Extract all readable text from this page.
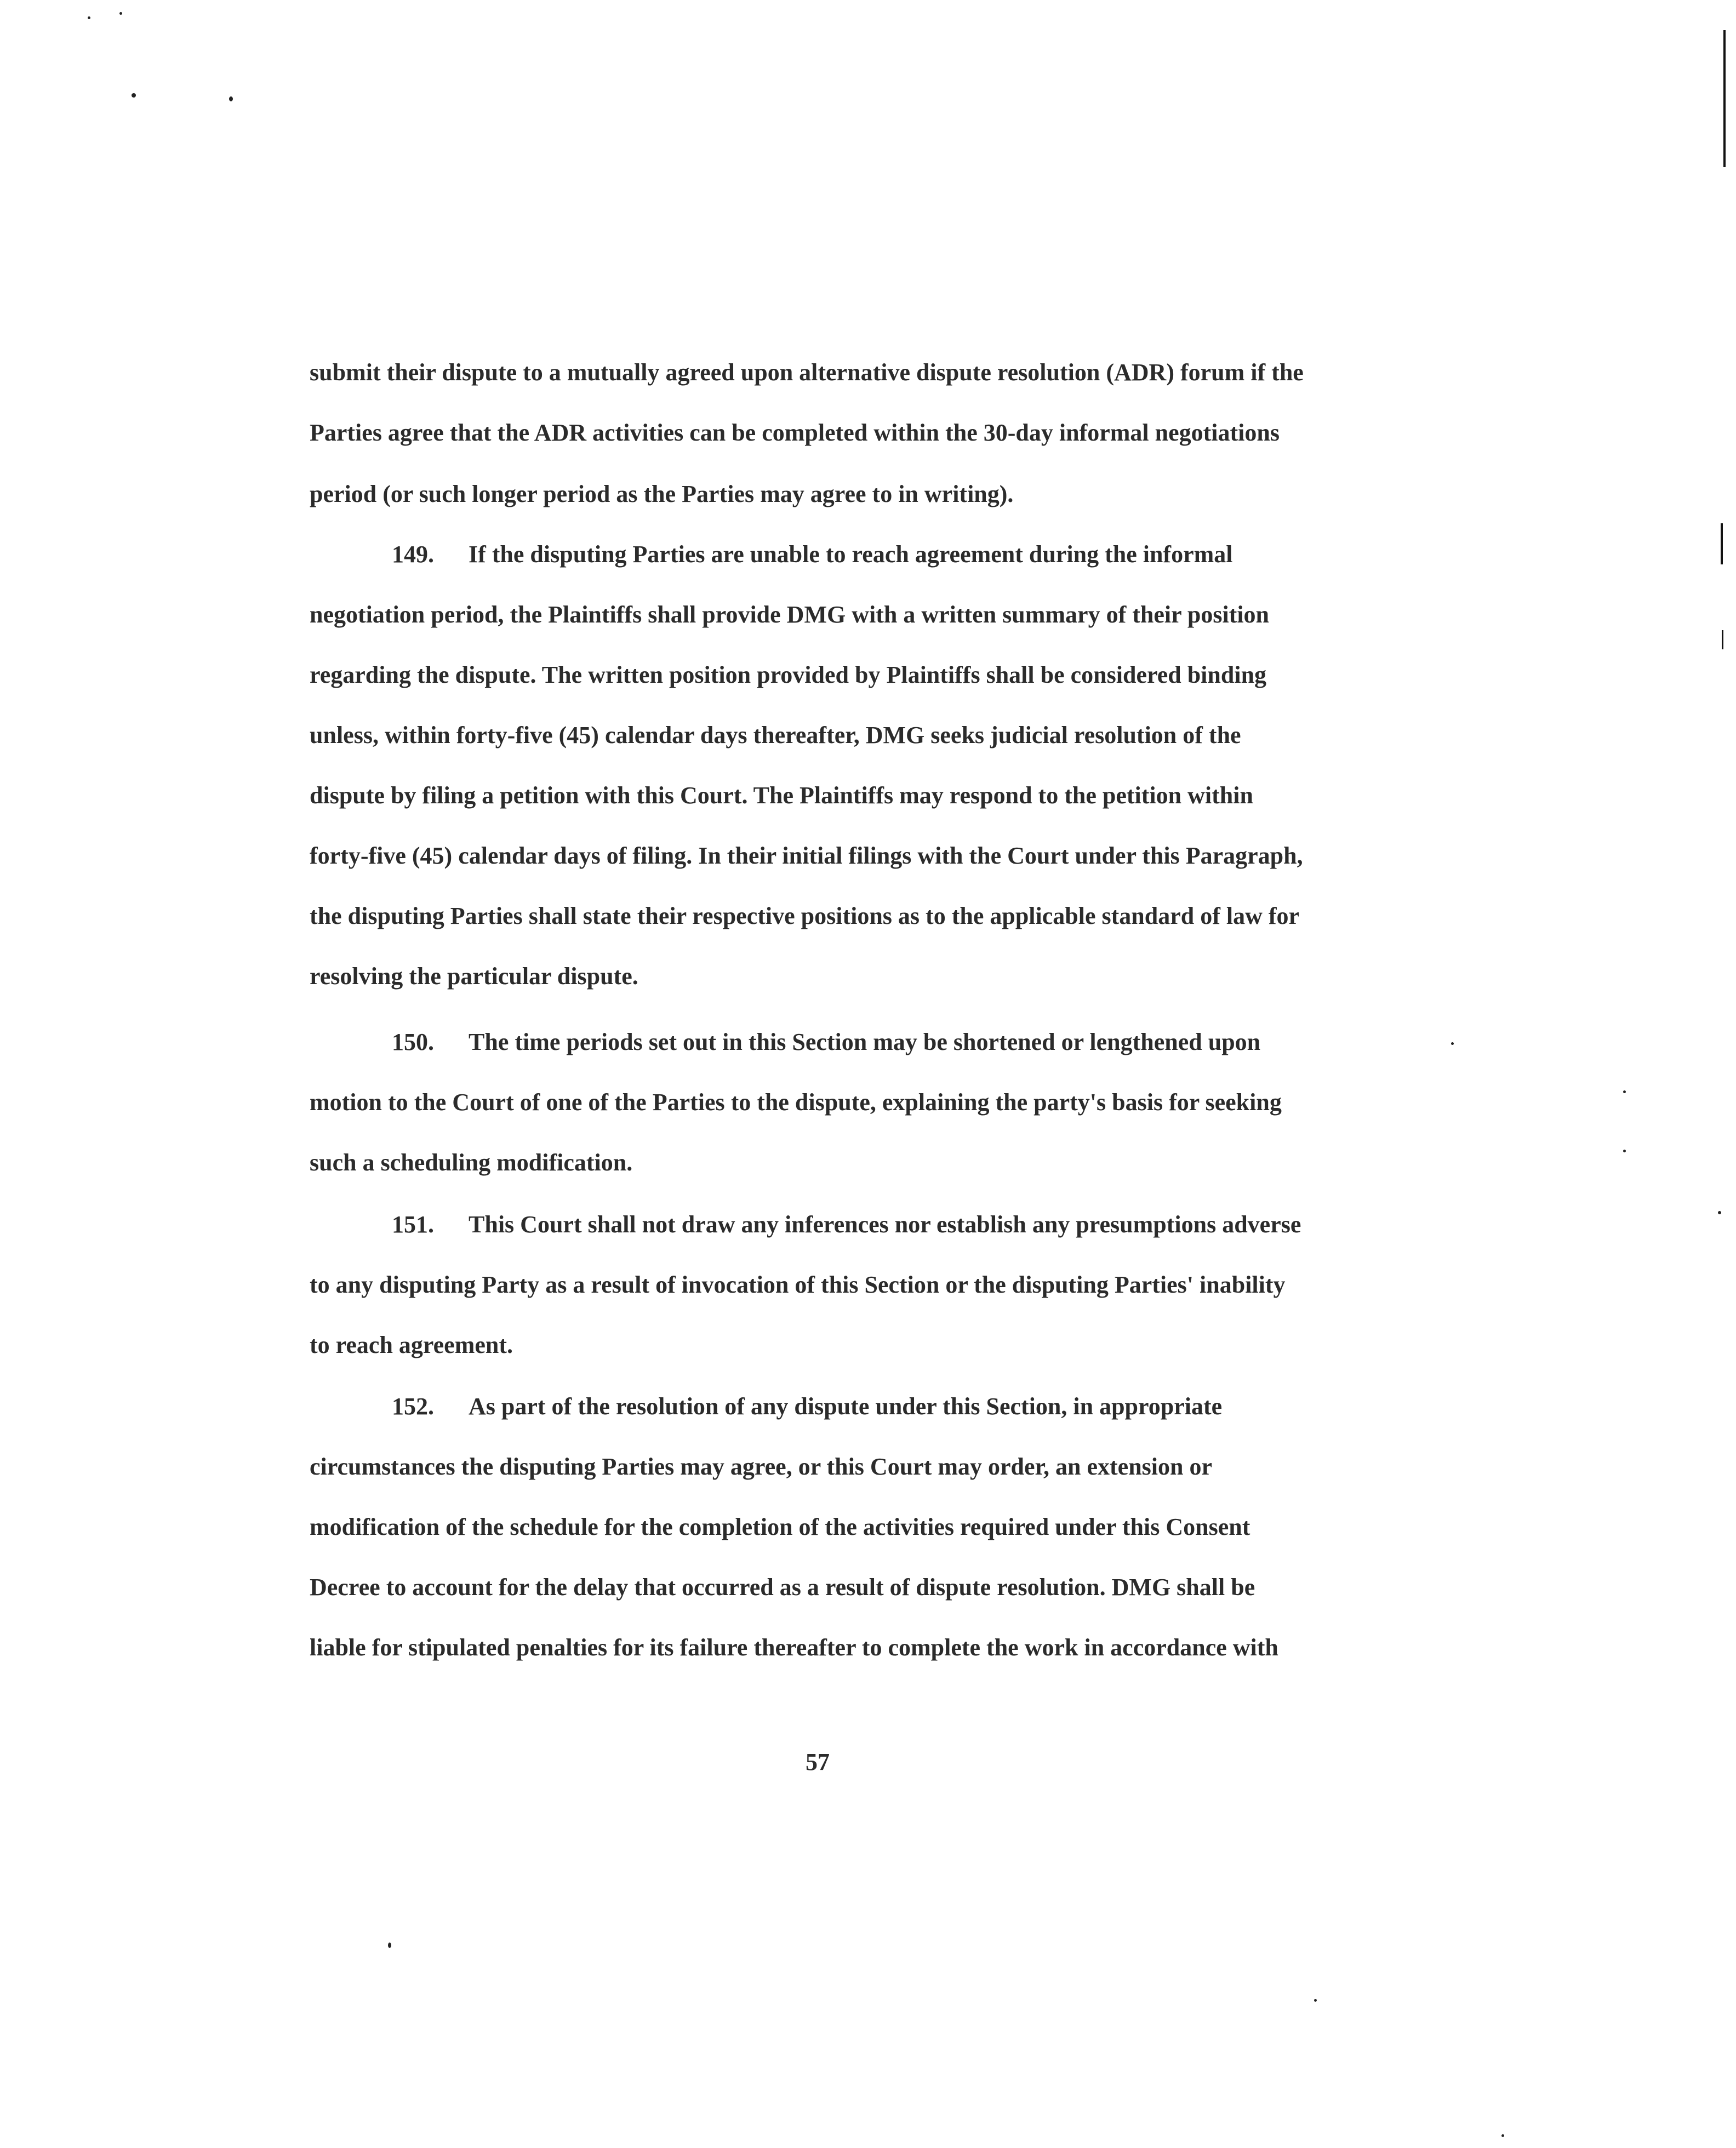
submit their dispute to a mutually agreed upon alternative dispute resolution (ADR) forum if the
Parties agree that the ADR activities can be completed within the 30-day informal negotiations
period (or such longer period as the Parties may agree to in writing).
149. If the disputing Parties are unable to reach agreement during the informal
negotiation period, the Plaintiffs shall provide DMG with a written summary of their position
regarding the dispute. The written position provided by Plaintiffs shall be considered binding
unless, within forty-five (45) calendar days thereafter, DMG seeks judicial resolution of the
dispute by filing a petition with this Court. The Plaintiffs may respond to the petition within
forty-five (45) calendar days of filing. In their initial filings with the Court under this Paragraph,
the disputing Parties shall state their respective positions as to the applicable standard of law for
resolving the particular dispute.
150. The time periods set out in this Section may be shortened or lengthened upon
motion to the Court of one of the Parties to the dispute, explaining the party's basis for seeking
such a scheduling modification.
151. This Court shall not draw any inferences nor establish any presumptions adverse
to any disputing Party as a result of invocation of this Section or the disputing Parties' inability
to reach agreement.
152. As part of the resolution of any dispute under this Section, in appropriate
circumstances the disputing Parties may agree, or this Court may order, an extension or
modification of the schedule for the completion of the activities required under this Consent
Decree to account for the delay that occurred as a result of dispute resolution. DMG shall be
liable for stipulated penalties for its failure thereafter to complete the work in accordance with
57
